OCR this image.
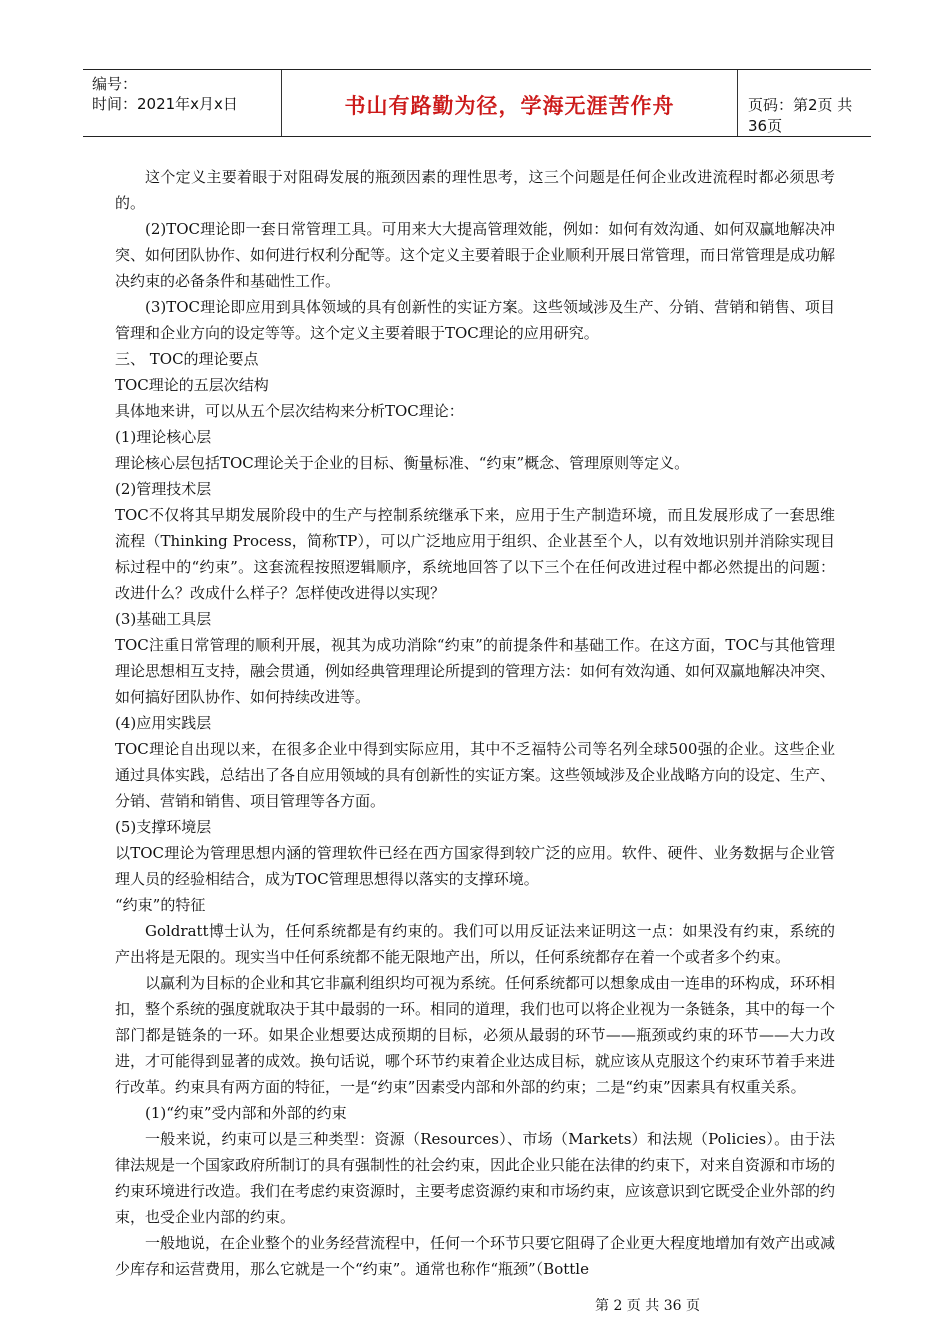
编号：
时间：2021年x月x日	书山有路勤为径，学海无涯苦作舟	页码：第2页 共36页

这个定义主要着眼于对阻碍发展的瓶颈因素的理性思考，这三个问题是任何企业改进流程时都必须思考的。

(2)TOC理论即一套日常管理工具。可用来大大提高管理效能，例如：如何有效沟通、如何双赢地解决冲突、如何团队协作、如何进行权利分配等。这个定义主要着眼于企业顺利开展日常管理，而日常管理是成功解决约束的必备条件和基础性工作。

(3)TOC理论即应用到具体领域的具有创新性的实证方案。这些领域涉及生产、分销、营销和销售、项目管理和企业方向的设定等等。这个定义主要着眼于TOC理论的应用研究。

三、 TOC的理论要点

TOC理论的五层次结构

具体地来讲，可以从五个层次结构来分析TOC理论：

(1)理论核心层

理论核心层包括TOC理论关于企业的目标、衡量标准、“约束”概念、管理原则等定义。

(2)管理技术层

TOC不仅将其早期发展阶段中的生产与控制系统继承下来，应用于生产制造环境，而且发展形成了一套思维流程（Thinking Process，简称TP），可以广泛地应用于组织、企业甚至个人，以有效地识别并消除实现目标过程中的“约束”。这套流程按照逻辑顺序，系统地回答了以下三个在任何改进过程中都必然提出的问题：改进什么？改成什么样子？怎样使改进得以实现？

(3)基础工具层

TOC注重日常管理的顺利开展，视其为成功消除“约束”的前提条件和基础工作。在这方面，TOC与其他管理理论思想相互支持，融会贯通，例如经典管理理论所提到的管理方法：如何有效沟通、如何双赢地解决冲突、如何搞好团队协作、如何持续改进等。

(4)应用实践层

TOC理论自出现以来，在很多企业中得到实际应用，其中不乏福特公司等名列全球500强的企业。这些企业通过具体实践，总结出了各自应用领域的具有创新性的实证方案。这些领域涉及企业战略方向的设定、生产、分销、营销和销售、项目管理等各方面。

(5)支撑环境层

以TOC理论为管理思想内涵的管理软件已经在西方国家得到较广泛的应用。软件、硬件、业务数据与企业管理人员的经验相结合，成为TOC管理思想得以落实的支撑环境。

“约束”的特征

Goldratt博士认为，任何系统都是有约束的。我们可以用反证法来证明这一点：如果没有约束，系统的产出将是无限的。现实当中任何系统都不能无限地产出，所以，任何系统都存在着一个或者多个约束。

以赢利为目标的企业和其它非赢利组织均可视为系统。任何系统都可以想象成由一连串的环构成，环环相扣，整个系统的强度就取决于其中最弱的一环。相同的道理，我们也可以将企业视为一条链条，其中的每一个部门都是链条的一环。如果企业想要达成预期的目标，必须从最弱的环节——瓶颈或约束的环节——大力改进，才可能得到显著的成效。换句话说，哪个环节约束着企业达成目标，就应该从克服这个约束环节着手来进行改革。约束具有两方面的特征，一是“约束”因素受内部和外部的约束；二是“约束”因素具有权重关系。

(1)“约束”受内部和外部的约束

一般来说，约束可以是三种类型：资源（Resources）、市场（Markets）和法规（Policies）。由于法律法规是一个国家政府所制订的具有强制性的社会约束，因此企业只能在法律的约束下，对来自资源和市场的约束环境进行改造。我们在考虑约束资源时，主要考虑资源约束和市场约束，应该意识到它既受企业外部的约束，也受企业内部的约束。

一般地说，在企业整个的业务经营流程中，任何一个环节只要它阻碍了企业更大程度地增加有效产出或减少库存和运营费用，那么它就是一个“约束”。通常也称作“瓶颈”（Bottle

第 2 页 共 36 页
